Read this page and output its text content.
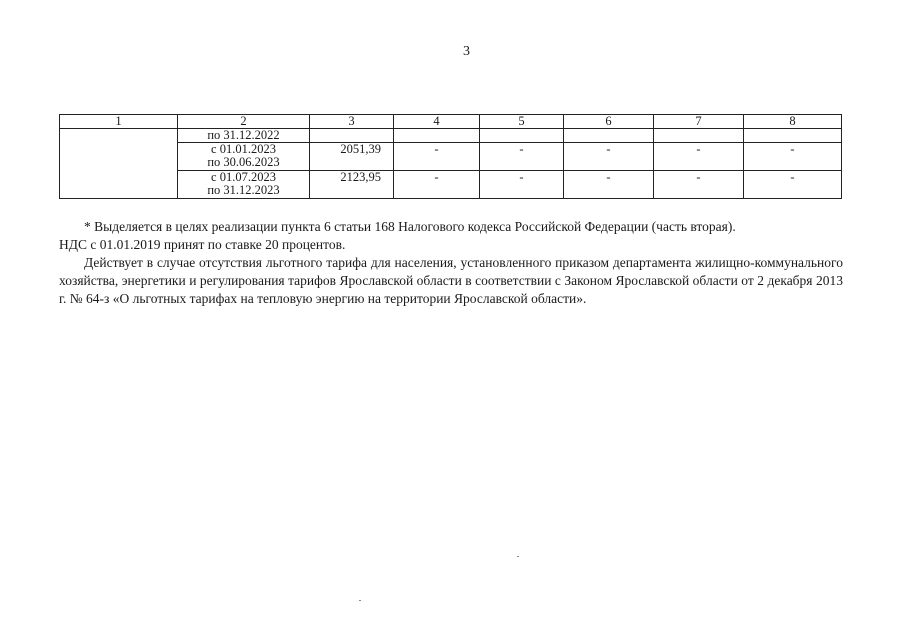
3
1	2	3	4	5	6	7	8

	по 31.12.2022						

	с 01.01.2023
по 30.06.2023	2051,39	-	-	-	-	-

	с 01.07.2023
по 31.12.2023	2123,95	-	-	-	-	-

* Выделяется в целях реализации пункта 6 статьи 168 Налогового кодекса Российской Федерации (часть вторая).

НДС с 01.01.2019 принят по ставке 20 процентов.

Действует в случае отсутствия льготного тарифа для населения, установленного приказом департамента жилищно-коммунального хозяйства, энергетики и регулирования тарифов Ярославской области в соответствии с Законом Ярославской области от 2 декабря 2013 г. № 64-з «О льготных тарифах на тепловую энергию на территории Ярославской области».
